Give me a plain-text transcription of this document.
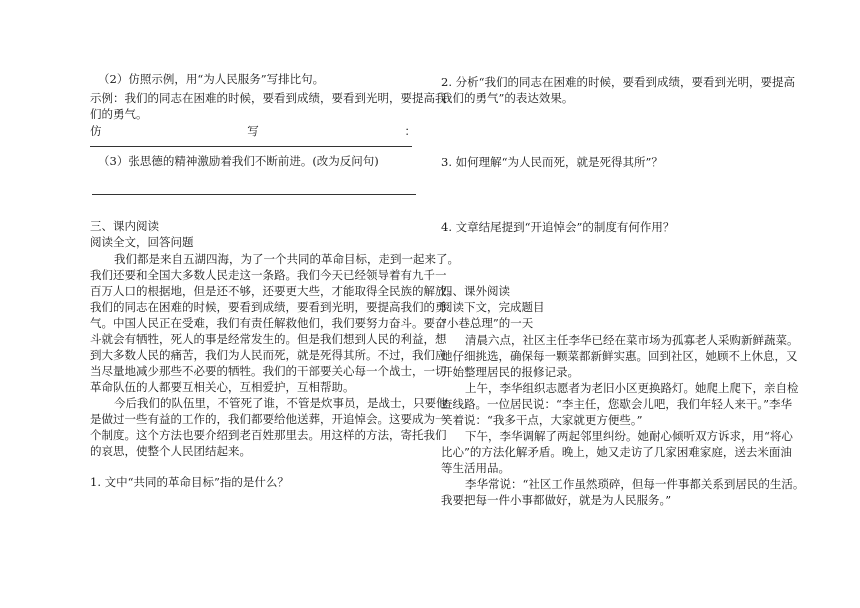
（2）仿照示例，用“为人民服务”写排比句。
示例：我们的同志在困难的时候，要看到成绩，要看到光明，要提高我
们的勇气。
仿	写	：
（3）张思德的精神激励着我们不断前进。(改为反问句)
三、课内阅读
阅读全文，回答问题
我们都是来自五湖四海，为了一个共同的革命目标，走到一起来了。
我们还要和全国大多数人民走这一条路。我们今天已经领导着有九千一
百万人口的根据地，但是还不够，还要更大些，才能取得全民族的解放。
我们的同志在困难的时候，要看到成绩，要看到光明，要提高我们的勇
气。中国人民正在受难，我们有责任解救他们，我们要努力奋斗。要奋
斗就会有牺牲，死人的事是经常发生的。但是我们想到人民的利益，想
到大多数人民的痛苦，我们为人民而死，就是死得其所。不过，我们应
当尽量地减少那些不必要的牺牲。我们的干部要关心每一个战士，一切
革命队伍的人都要互相关心，互相爱护，互相帮助。
今后我们的队伍里，不管死了谁，不管是炊事员，是战士，只要他
是做过一些有益的工作的，我们都要给他送葬，开追悼会。这要成为一
个制度。这个方法也要介绍到老百姓那里去。用这样的方法，寄托我们
的哀思，使整个人民团结起来。
1. 文中“共同的革命目标”指的是什么？
2. 分析“我们的同志在困难的时候，要看到成绩，要看到光明，要提高
我们的勇气”的表达效果。
3. 如何理解“为人民而死，就是死得其所”？
4. 文章结尾提到“开追悼会”的制度有何作用？
四、课外阅读
阅读下文，完成题目
“小巷总理”的一天
清晨六点，社区主任李华已经在菜市场为孤寡老人采购新鲜蔬菜。
她仔细挑选，确保每一颗菜都新鲜实惠。回到社区，她顾不上休息，又
开始整理居民的报修记录。
上午，李华组织志愿者为老旧小区更换路灯。她爬上爬下，亲自检
查线路。一位居民说：“李主任，您歇会儿吧，我们年轻人来干。”李华
笑着说：“我多干点，大家就更方便些。”
下午，李华调解了两起邻里纠纷。她耐心倾听双方诉求，用“将心
比心”的方法化解矛盾。晚上，她又走访了几家困难家庭，送去米面油
等生活用品。
李华常说：“社区工作虽然琐碎，但每一件事都关系到居民的生活。
我要把每一件小事都做好，就是为人民服务。”
